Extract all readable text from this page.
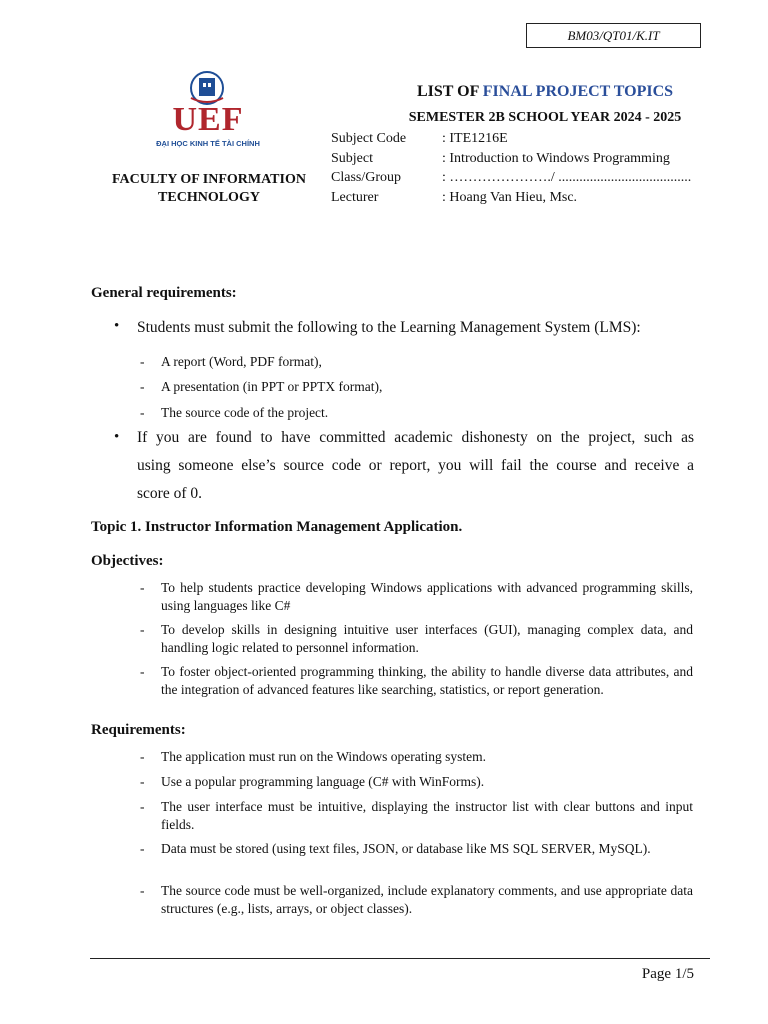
BM03/QT01/K.IT
UEF
ĐẠI HỌC KINH TẾ TÀI CHÍNH
FACULTY OF INFORMATION
TECHNOLOGY
LIST OF FINAL PROJECT TOPICS
SEMESTER 2B SCHOOL YEAR 2024 - 2025
Subject Code	: ITE1216E
Subject	: Introduction to Windows Programming
Class/Group	: …………………./ ......................................
Lecturer	: Hoang Van Hieu, Msc.
General requirements:
• Students must submit the following to the Learning Management System (LMS):
- A report (Word, PDF format),
- A presentation (in PPT or PPTX format),
- The source code of the project.
• If you are found to have committed academic dishonesty on the project, such as
using someone else’s source code or report, you will fail the course and receive a
score of 0.
Topic 1. Instructor Information Management Application.
Objectives:
- To help students practice developing Windows applications with advanced programming skills, using languages like C#
- To develop skills in designing intuitive user interfaces (GUI), managing complex data, and handling logic related to personnel information.
- To foster object-oriented programming thinking, the ability to handle diverse data attributes, and the integration of advanced features like searching, statistics, or report generation.
Requirements:
- The application must run on the Windows operating system.
- Use a popular programming language (C# with WinForms).
- The user interface must be intuitive, displaying the instructor list with clear buttons and input fields.
- Data must be stored (using text files, JSON, or database like MS SQL SERVER, MySQL).
- The source code must be well-organized, include explanatory comments, and use appropriate data structures (e.g., lists, arrays, or object classes).
Page 1/5
